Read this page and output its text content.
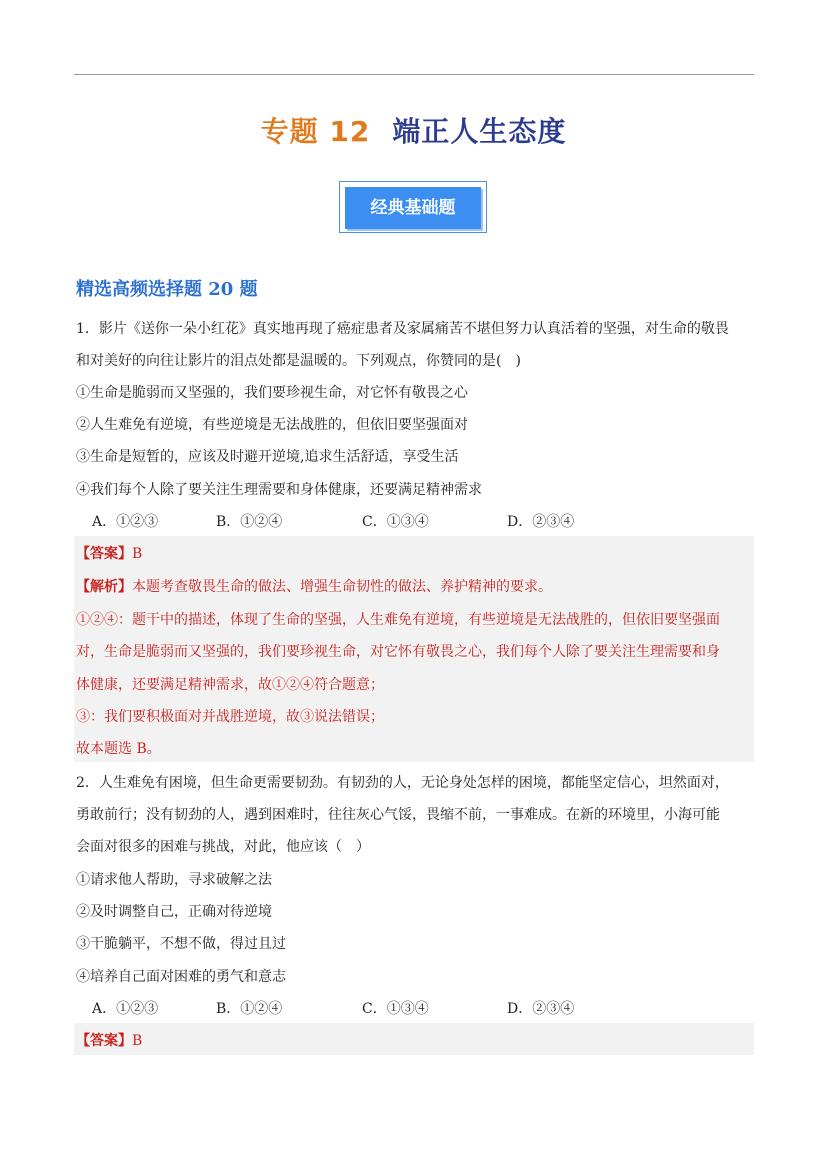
专题 12 端正人生态度
经典基础题
精选高频选择题 20 题
1．影片《送你一朵小红花》真实地再现了癌症患者及家属痛苦不堪但努力认真活着的坚强，对生命的敬畏
和对美好的向往让影片的泪点处都是温暖的。下列观点，你赞同的是(　)
①生命是脆弱而又坚强的，我们要珍视生命，对它怀有敬畏之心
②人生难免有逆境，有些逆境是无法战胜的，但依旧要坚强面对
③生命是短暂的，应该及时避开逆境,追求生活舒适，享受生活
④我们每个人除了要关注生理需要和身体健康，还要满足精神需求
A．①②③	B．①②④	C．①③④	D．②③④
【答案】B
【解析】本题考查敬畏生命的做法、增强生命韧性的做法、养护精神的要求。
①②④：题干中的描述，体现了生命的坚强，人生难免有逆境，有些逆境是无法战胜的，但依旧要坚强面
对，生命是脆弱而又坚强的，我们要珍视生命，对它怀有敬畏之心，我们每个人除了要关注生理需要和身
体健康，还要满足精神需求，故①②④符合题意；
③：我们要积极面对并战胜逆境，故③说法错误；
故本题选 B。
2．人生难免有困境，但生命更需要韧劲。有韧劲的人，无论身处怎样的困境，都能坚定信心，坦然面对，
勇敢前行；没有韧劲的人，遇到困难时，往往灰心气馁，畏缩不前，一事难成。在新的环境里，小海可能
会面对很多的困难与挑战，对此，他应该（　）
①请求他人帮助，寻求破解之法
②及时调整自己，正确对待逆境
③干脆躺平，不想不做，得过且过
④培养自己面对困难的勇气和意志
A．①②③	B．①②④	C．①③④	D．②③④
【答案】B
